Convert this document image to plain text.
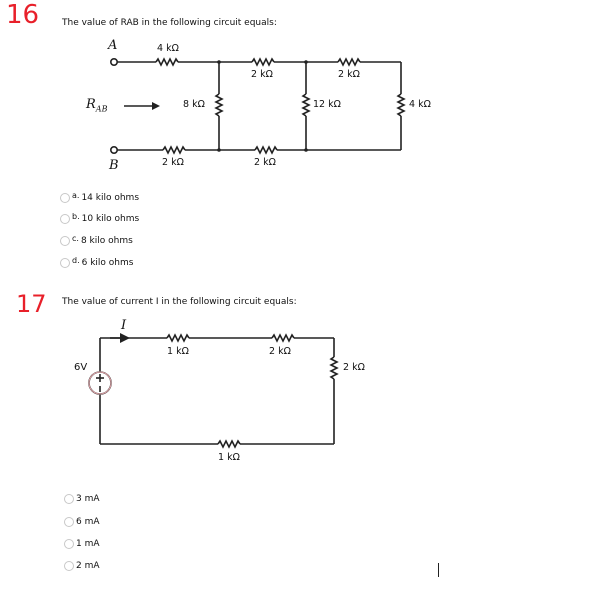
16
17
The value of RAB in the following circuit equals:
A
B
$R_{AB}$
4 kΩ
2 kΩ	2 kΩ
8 kΩ	12 kΩ	4 kΩ
2 kΩ	2 kΩ
a. 14 kilo ohms
b. 10 kilo ohms
c. 8 kilo ohms
d. 6 kilo ohms
The value of current I in the following circuit equals:
I
6V
1 kΩ	2 kΩ
2 kΩ
1 kΩ
3 mA
6 mA
1 mA
2 mA
